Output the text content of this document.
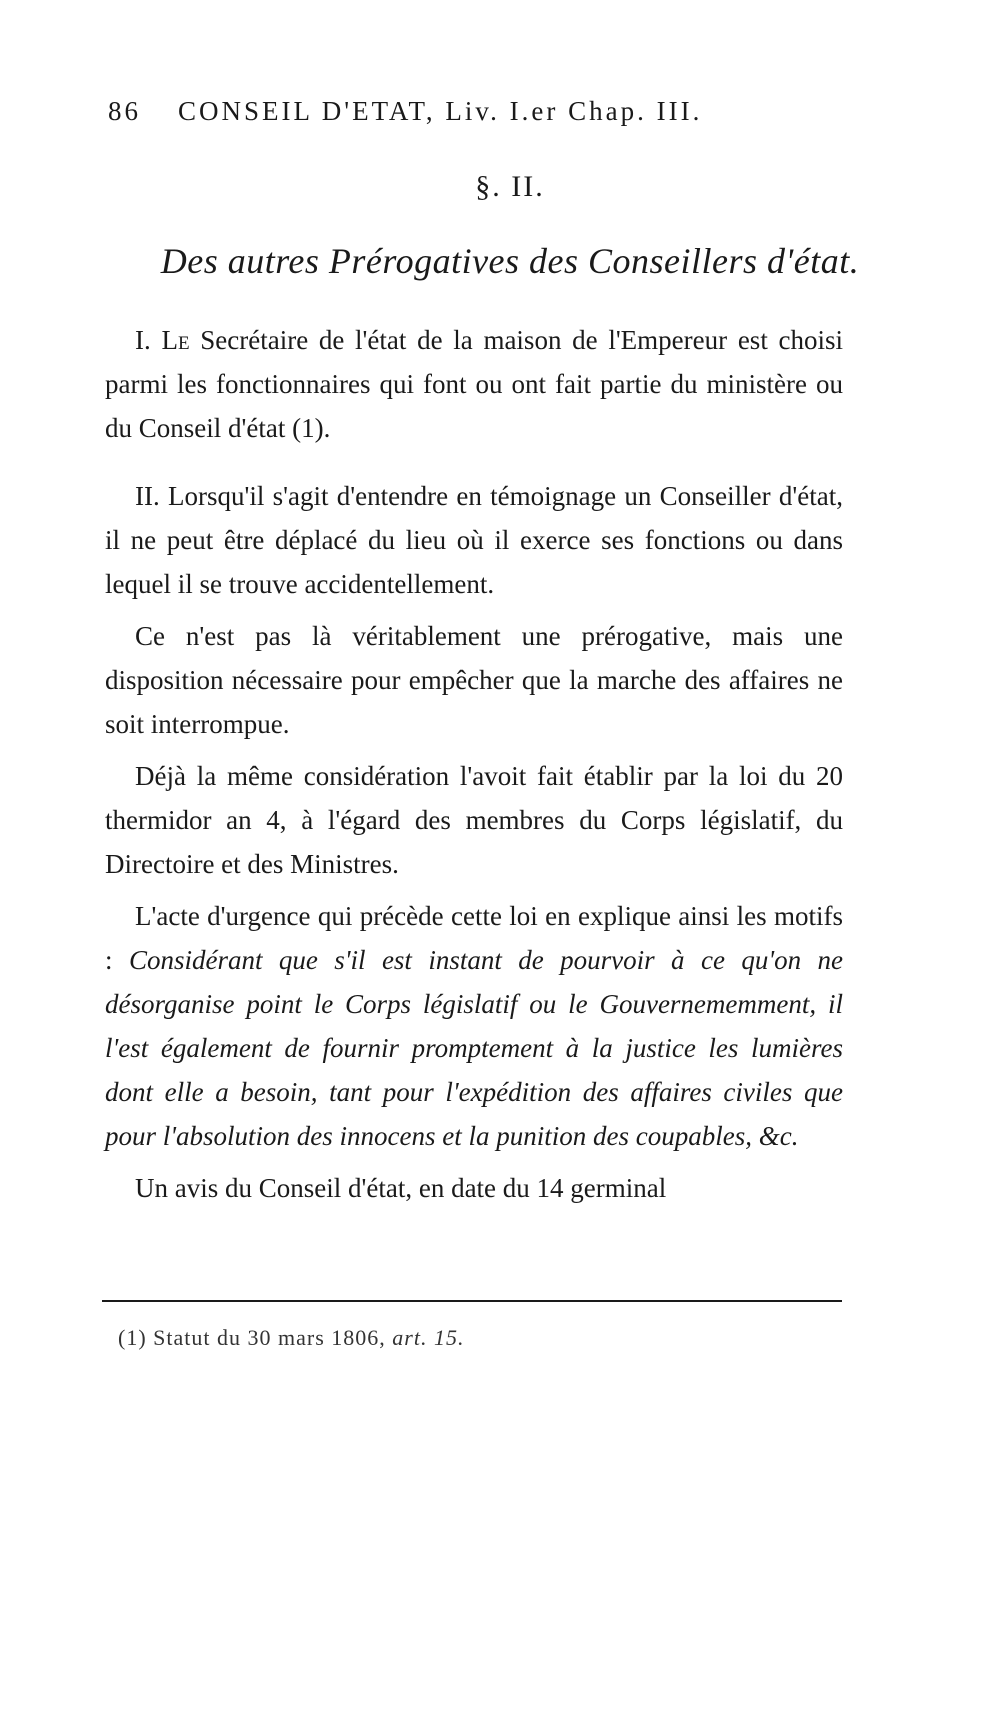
86 CONSEIL D'ETAT, Liv. I.er Chap. III.
§. II.
Des autres Prérogatives des Conseillers d'état.

I. Le Secrétaire de l'état de la maison de l'Empereur est choisi parmi les fonctionnaires qui font ou ont fait partie du ministère ou du Conseil d'état (1).

II. Lorsqu'il s'agit d'entendre en témoignage un Conseiller d'état, il ne peut être déplacé du lieu où il exerce ses fonctions ou dans lequel il se trouve accidentellement.

Ce n'est pas là véritablement une prérogative, mais une disposition nécessaire pour empêcher que la marche des affaires ne soit interrompue.

Déjà la même considération l'avoit fait établir par la loi du 20 thermidor an 4, à l'égard des membres du Corps législatif, du Directoire et des Ministres.

L'acte d'urgence qui précède cette loi en explique ainsi les motifs : Considérant que s'il est instant de pourvoir à ce qu'on ne désorganise point le Corps législatif ou le Gouvernememment, il l'est également de fournir promptement à la justice les lumières dont elle a besoin, tant pour l'expédition des affaires civiles que pour l'absolution des innocens et la punition des coupables, &c.

Un avis du Conseil d'état, en date du 14 germinal

(1) Statut du 30 mars 1806, art. 15.
